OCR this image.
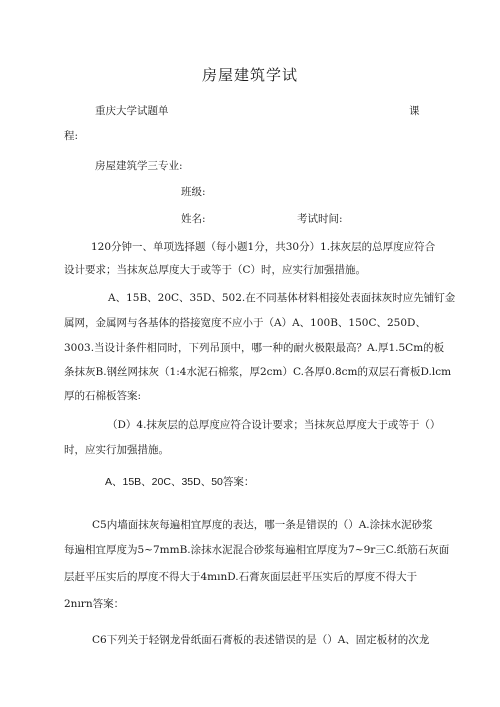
房屋建筑学试
重庆大学试题单	课
程:
房屋建筑学三专业:
班级:
姓名:	考试时间:
120分钟一、单项选择题（每小题1分，共30分）1.抹灰层的总厚度应符合
设计要求；当抹灰总厚度大于或等于（C）时，应实行加强措施。
A、15B、20C、35D、502.在不同基体材料相接处表面抹灰时应先铺钉金
属网，金属网与各基体的搭接宽度不应小于（A）A、100B、150C、250D、
3003.当设计条件相同时，下列吊顶中，哪一种的耐火极限最高？A.厚1.5Cm的板
条抹灰B.钢丝网抹灰（1:4水泥石棉浆，厚2cm）C.各厚0.8cm的双层石膏板D.lcm
厚的石棉板答案:
（D）4.抹灰层的总厚度应符合设计要求；当抹灰总厚度大于或等于（）
时，应实行加强措施。
A、15B、20C、35D、50答案：
C5内墙面抹灰每遍相宜厚度的表达，哪一条是错误的（）A.涂抹水泥砂浆
每遍相宜厚度为5~7mmB.涂抹水泥混合砂浆每遍相宜厚度为7~9r三C.纸筋石灰面
层赶平压实后的厚度不得大于4mınD.石膏灰面层赶平压实后的厚度不得大于
2nırn答案：
C6下列关于轻钢龙骨纸面石膏板的表述错误的是（）A、固定板材的次龙
